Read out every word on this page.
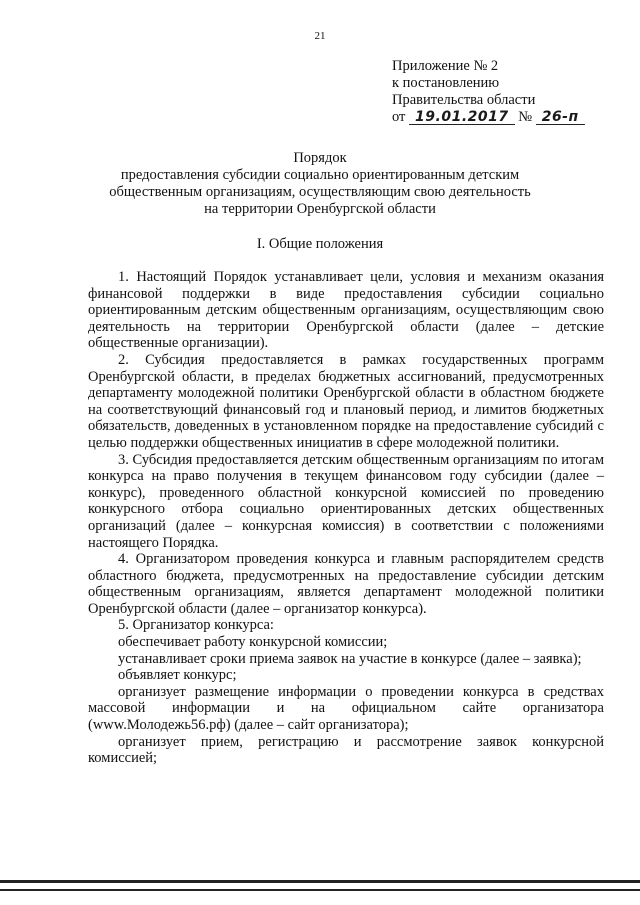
21
Приложение № 2
к постановлению
Правительства области
от 19.01.2017 № 26-п
Порядок
предоставления субсидии социально ориентированным детским
общественным организациям, осуществляющим свою деятельность
на территории Оренбургской области
I. Общие положения

1. Настоящий Порядок устанавливает цели, условия и механизм оказания финансовой поддержки в виде предоставления субсидии социально ориентированным детским общественным организациям, осуществляющим свою деятельность на территории Оренбургской области (далее – детские общественные организации).

2. Субсидия предоставляется в рамках государственных программ Оренбургской области, в пределах бюджетных ассигнований, предусмотренных департаменту молодежной политики Оренбургской области в областном бюджете на соответствующий финансовый год и плановый период, и лимитов бюджетных обязательств, доведенных в установленном порядке на предоставление субсидий с целью поддержки общественных инициатив в сфере молодежной политики.

3. Субсидия предоставляется детским общественным организациям по итогам конкурса на право получения в текущем финансовом году субсидии (далее – конкурс), проведенного областной конкурсной комиссией по проведению конкурсного отбора социально ориентированных детских общественных организаций (далее – конкурсная комиссия) в соответствии с положениями настоящего Порядка.

4. Организатором проведения конкурса и главным распорядителем средств областного бюджета, предусмотренных на предоставление субсидии детским общественным организациям, является департамент молодежной политики Оренбургской области (далее – организатор конкурса).

5. Организатор конкурса:

обеспечивает работу конкурсной комиссии;

устанавливает сроки приема заявок на участие в конкурсе (далее – заявка);

объявляет конкурс;

организует размещение информации о проведении конкурса в средствах массовой информации и на официальном сайте организатора (www.Молодежь56.рф) (далее – сайт организатора);

организует прием, регистрацию и рассмотрение заявок конкурсной комиссией;
